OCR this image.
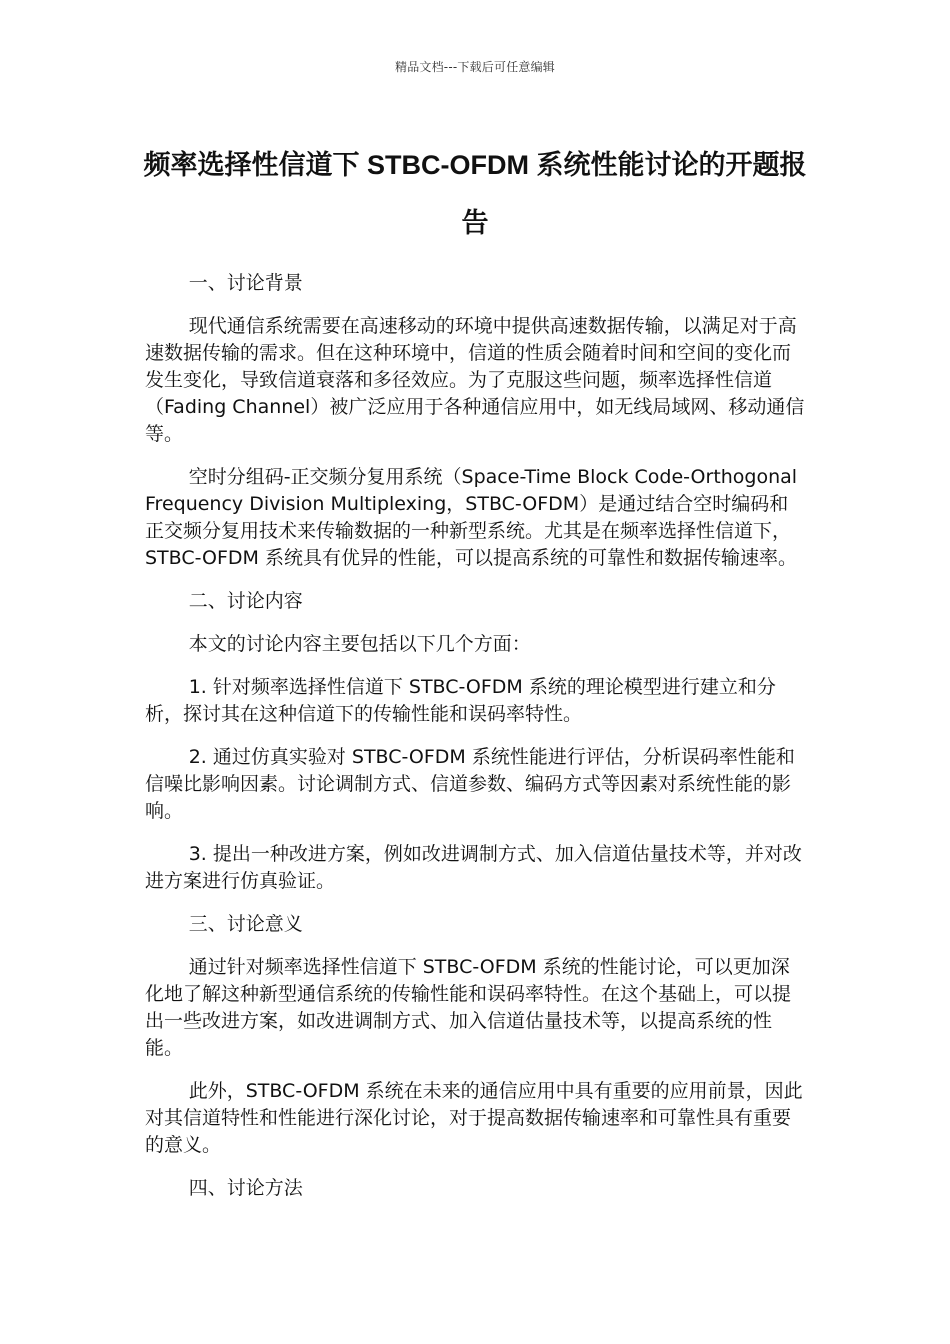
精品文档---下载后可任意编辑
频率选择性信道下 STBC-OFDM 系统性能讨论的开题报告

一、讨论背景

现代通信系统需要在高速移动的环境中提供高速数据传输，以满足对于高速数据传输的需求。但在这种环境中，信道的性质会随着时间和空间的变化而发生变化，导致信道衰落和多径效应。为了克服这些问题，频率选择性信道（Fading Channel）被广泛应用于各种通信应用中，如无线局域网、移动通信等。

空时分组码-正交频分复用系统（Space-Time Block Code-Orthogonal Frequency Division Multiplexing，STBC-OFDM）是通过结合空时编码和正交频分复用技术来传输数据的一种新型系统。尤其是在频率选择性信道下，STBC-OFDM 系统具有优异的性能，可以提高系统的可靠性和数据传输速率。

二、讨论内容

本文的讨论内容主要包括以下几个方面：

1. 针对频率选择性信道下 STBC-OFDM 系统的理论模型进行建立和分析，探讨其在这种信道下的传输性能和误码率特性。

2. 通过仿真实验对 STBC-OFDM 系统性能进行评估，分析误码率性能和信噪比影响因素。讨论调制方式、信道参数、编码方式等因素对系统性能的影响。

3. 提出一种改进方案，例如改进调制方式、加入信道估量技术等，并对改进方案进行仿真验证。

三、讨论意义

通过针对频率选择性信道下 STBC-OFDM 系统的性能讨论，可以更加深化地了解这种新型通信系统的传输性能和误码率特性。在这个基础上，可以提出一些改进方案，如改进调制方式、加入信道估量技术等，以提高系统的性能。

此外，STBC-OFDM 系统在未来的通信应用中具有重要的应用前景，因此对其信道特性和性能进行深化讨论，对于提高数据传输速率和可靠性具有重要的意义。

四、讨论方法
